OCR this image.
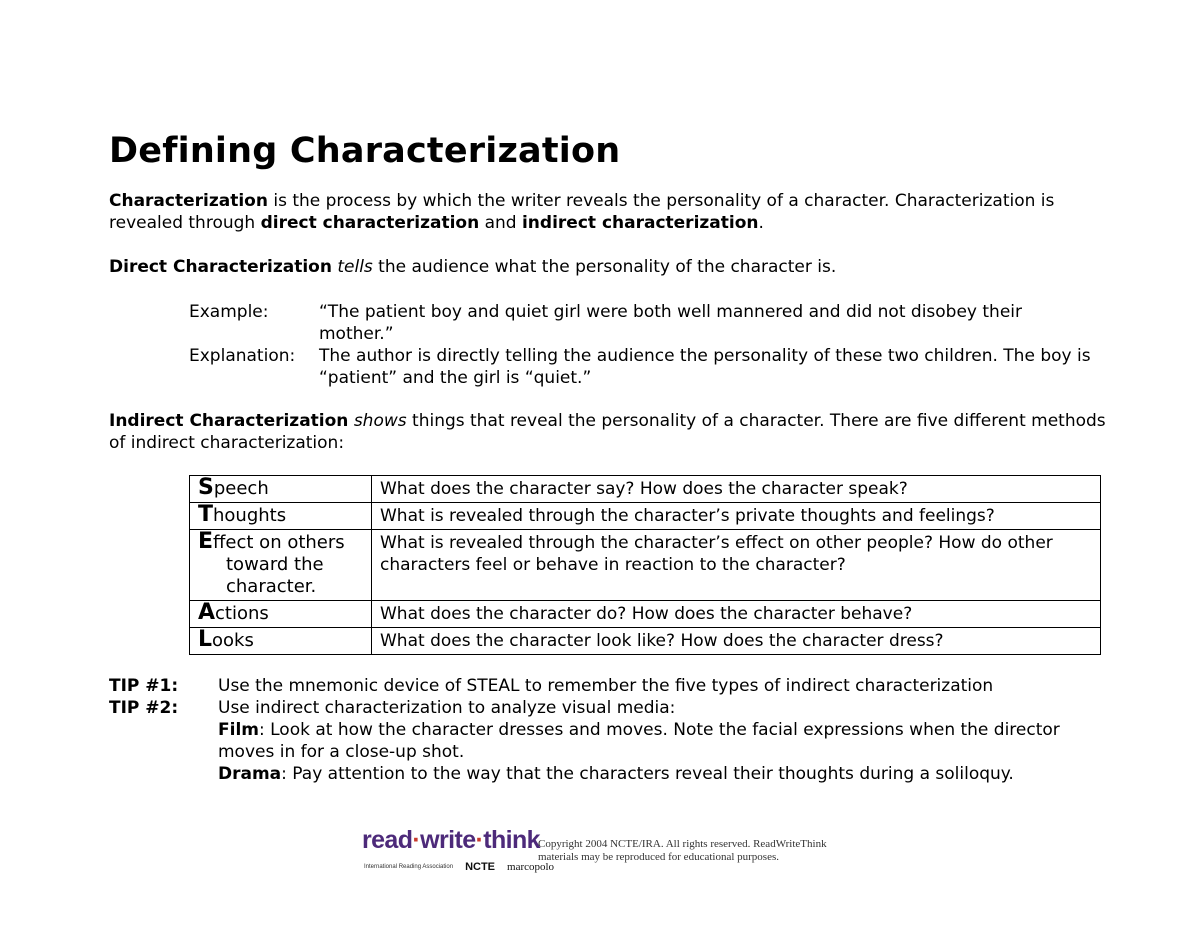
Defining Characterization

Characterization is the process by which the writer reveals the personality of a character. Characterization is revealed through direct characterization and indirect characterization.

Direct Characterization tells the audience what the personality of the character is.

Example:	“The patient boy and quiet girl were both well mannered and did not disobey their mother.”
Explanation:	The author is directly telling the audience the personality of these two children. The boy is “patient” and the girl is “quiet.”

Indirect Characterization shows things that reveal the personality of a character. There are five different methods of indirect characterization:

Speech	What does the character say? How does the character speak?
Thoughts	What is revealed through the character’s private thoughts and feelings?
Effect on others
toward the character.	What is revealed through the character’s effect on other people? How do other characters feel or behave in reaction to the character?
Actions	What does the character do? How does the character behave?
Looks	What does the character look like? How does the character dress?
TIP #1:	Use the mnemonic device of STEAL to remember the five types of indirect characterization
TIP #2:	Use indirect characterization to analyze visual media:
Film: Look at how the character dresses and moves. Note the facial expressions when the director moves in for a close-up shot.
Drama: Pay attention to the way that the characters reveal their thoughts during a soliloquy.
read·write·think
International Reading Association NCTE marcopolo
Copyright 2004 NCTE/IRA. All rights reserved. ReadWriteThink materials may be reproduced for educational purposes.
